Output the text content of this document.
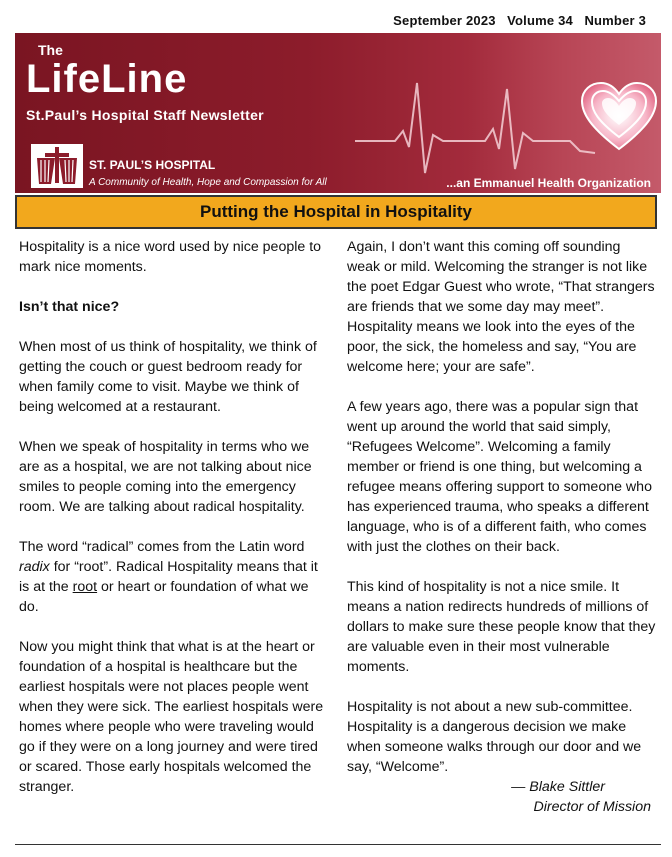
September 2023 Volume 34 Number 3
The
LifeLine
St.Paul’s Hospital Staff Newsletter
ST. PAUL’S HOSPITAL
A Community of Health, Hope and Compassion for All	...an Emmanuel Health Organization
Putting the Hospital in Hospitality

Hospitality is a nice word used by nice people to mark nice moments.

Isn’t that nice?

When most of us think of hospitality, we think of getting the couch or guest bedroom ready for when family come to visit. Maybe we think of being welcomed at a restaurant.

When we speak of hospitality in terms who we are as a hospital, we are not talking about nice smiles to people coming into the emergency room. We are talking about radical hospitality.

The word “radical” comes from the Latin word radix for “root”. Radical Hospitality means that it is at the root or heart or foundation of what we do.

Now you might think that what is at the heart or foundation of a hospital is healthcare but the earliest hospitals were not places people went when they were sick. The earliest hospitals were homes where people who were traveling would go if they were on a long journey and were tired or scared. Those early hospitals welcomed the stranger.

Again, I don’t want this coming off sounding weak or mild. Welcoming the stranger is not like the poet Edgar Guest who wrote, “That strangers are friends that we some day may meet”. Hospitality means we look into the eyes of the poor, the sick, the homeless and say, “You are welcome here; your are safe”.

A few years ago, there was a popular sign that went up around the world that said simply, “Refugees Welcome”. Welcoming a family member or friend is one thing, but welcoming a refugee means offering support to someone who has experienced trauma, who speaks a different language, who is of a different faith, who comes with just the clothes on their back.

This kind of hospitality is not a nice smile. It means a nation redirects hundreds of millions of dollars to make sure these people know that they are valuable even in their most vulnerable moments.

Hospitality is not about a new sub-committee. Hospitality is a dangerous decision we make when someone walks through our door and we say, “Welcome”.

— Blake Sittler
Director of Mission
